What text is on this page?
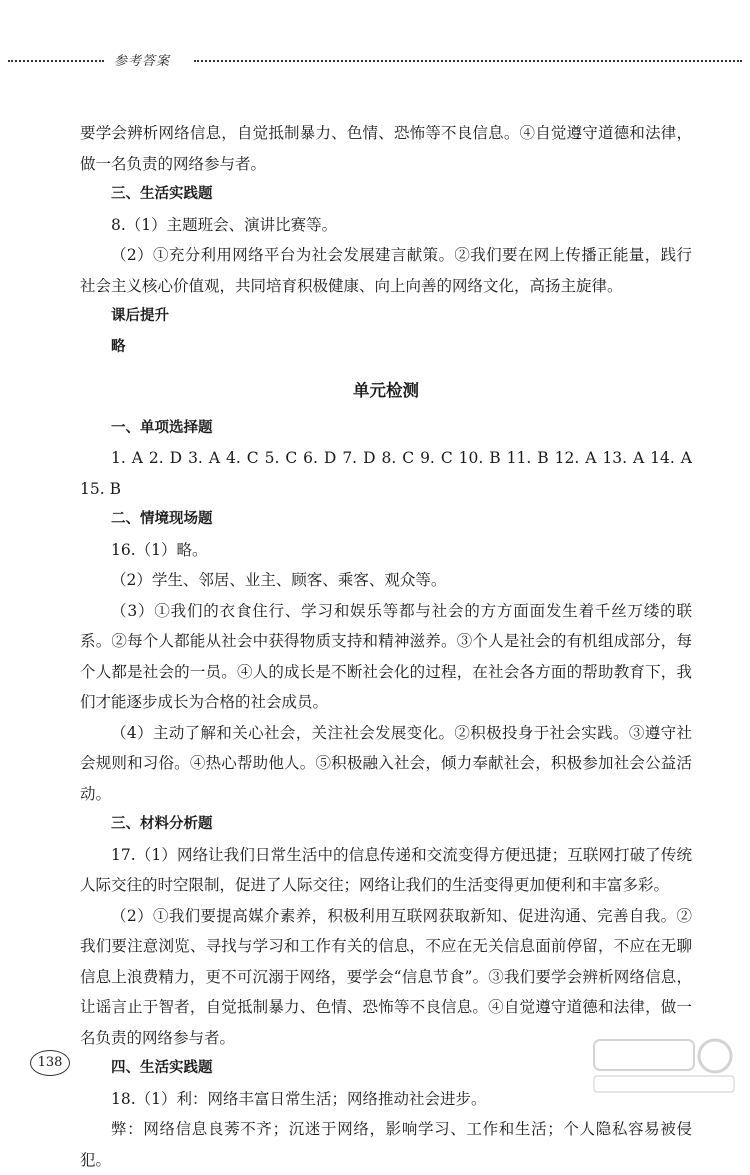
参考答案

要学会辨析网络信息，自觉抵制暴力、色情、恐怖等不良信息。④自觉遵守道德和法律，做一名负责的网络参与者。

三、生活实践题

8.（1）主题班会、演讲比赛等。

（2）①充分利用网络平台为社会发展建言献策。②我们要在网上传播正能量，践行社会主义核心价值观，共同培育积极健康、向上向善的网络文化，高扬主旋律。

课后提升

略

单元检测

一、单项选择题

1. A 2. D 3. A 4. C 5. C 6. D 7. D 8. C 9. C 10. B 11. B 12. A 13. A 14. A 15. B

二、情境现场题

16.（1）略。

（2）学生、邻居、业主、顾客、乘客、观众等。

（3）①我们的衣食住行、学习和娱乐等都与社会的方方面面发生着千丝万缕的联系。②每个人都能从社会中获得物质支持和精神滋养。③个人是社会的有机组成部分，每个人都是社会的一员。④人的成长是不断社会化的过程，在社会各方面的帮助教育下，我们才能逐步成长为合格的社会成员。

（4）主动了解和关心社会，关注社会发展变化。②积极投身于社会实践。③遵守社会规则和习俗。④热心帮助他人。⑤积极融入社会，倾力奉献社会，积极参加社会公益活动。

三、材料分析题

17.（1）网络让我们日常生活中的信息传递和交流变得方便迅捷；互联网打破了传统人际交往的时空限制，促进了人际交往；网络让我们的生活变得更加便利和丰富多彩。

（2）①我们要提高媒介素养，积极利用互联网获取新知、促进沟通、完善自我。②我们要注意浏览、寻找与学习和工作有关的信息，不应在无关信息面前停留，不应在无聊信息上浪费精力，更不可沉溺于网络，要学会“信息节食”。③我们要学会辨析网络信息，让谣言止于智者，自觉抵制暴力、色情、恐怖等不良信息。④自觉遵守道德和法律，做一名负责的网络参与者。

四、生活实践题

18.（1）利：网络丰富日常生活；网络推动社会进步。

弊：网络信息良莠不齐；沉迷于网络，影响学习、工作和生活；个人隐私容易被侵犯。

138
